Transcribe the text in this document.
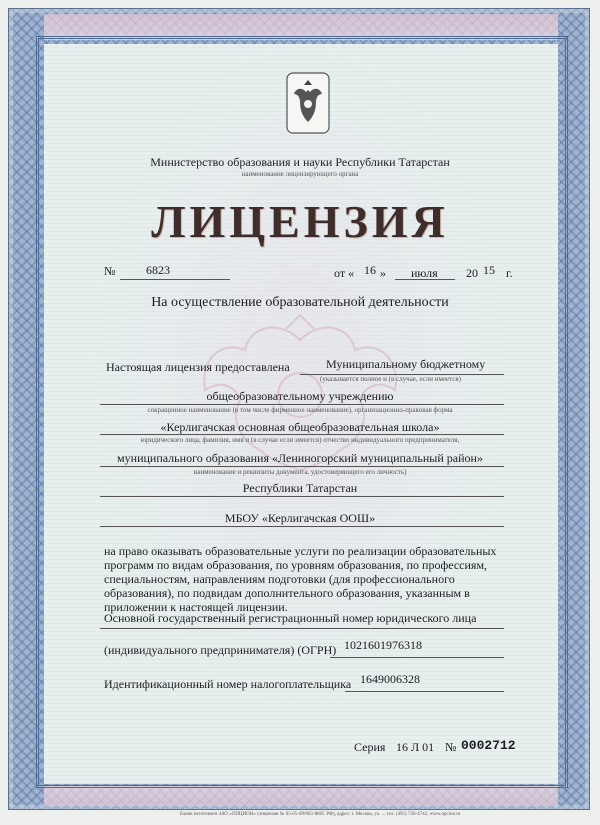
Министерство образования и науки Республики Татарстан
наименование лицензирующего органа
ЛИЦЕНЗИЯ
№	6823	от « 16 » июля 20 15 г.
На осуществление образовательной деятельности
Настоящая лицензия предоставлена	Муниципальному бюджетному
(указывается полное и (в случае, если имеется)
общеобразовательному учреждению
сокращенное наименование (в том числе фирменное наименование), организационно-правовая форма
«Керлигачская основная общеобразовательная школа»
юридического лица, фамилия, имя и (в случае если имеется) отчество индивидуального предпринимателя,
муниципального образования «Лениногорский муниципальный район»
наименование и реквизиты документа, удостоверяющего его личность)
Республики Татарстан
МБОУ «Керлигачская ООШ»
на право оказывать образовательные услуги по реализации образовательных
программ по видам образования, по уровням образования, по профессиям,
специальностям, направлениям подготовки (для профессионального
образования), по подвидам дополнительного образования, указанным в
приложении к настоящей лицензии.
Основной государственный регистрационный номер юридического лица
(индивидуального предпринимателя) (ОГРН) 1021601976318
Идентификационный номер налогоплательщика 1649006328
Серия 16 Л 01 № 0002712
Бланк изготовлен ЗАО «ОПЦИОН» (лицензия № 05-05-09/003 ФНС РФ), адрес: г. Москва, ул. ... тел. (495) 726-4742, www.opcion.ru
